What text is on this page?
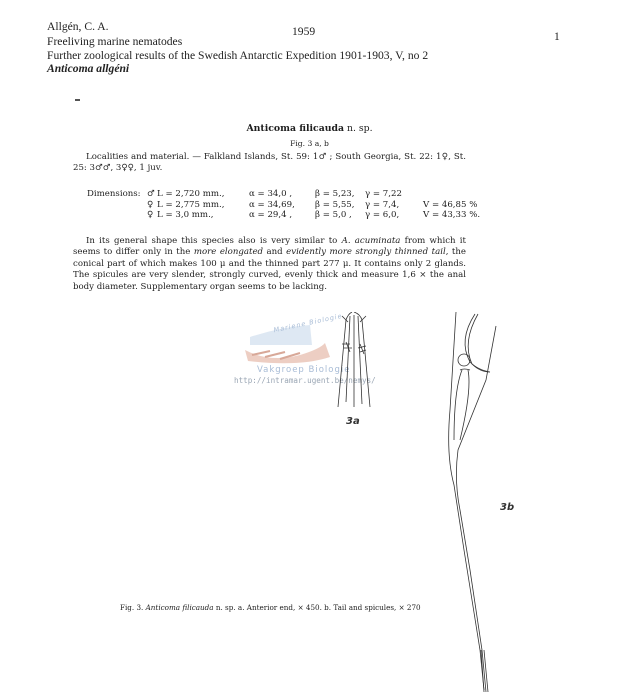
Allgén, C. A.	1959	1
Freeliving marine nematodes
Further zoological results of the Swedish Antarctic Expedition 1901-1903, V, no 2
Anticoma allgéni
Anticoma filicauda n. sp.
Fig. 3 a, b
Localities and material. — Falkland Islands, St. 59: 1♂ ; South Georgia, St. 22: 1♀, St. 25: 3♂♂, 3♀♀, 1 juv.
Dimensions:	♂	L = 2,720 mm.,	α = 34,0 ,	β = 5,23,	γ = 7,22	
	♀	L = 2,775 mm.,	α = 34,69,	β = 5,55,	γ = 7,4,	V = 46,85 %
	♀	L = 3,0 mm.,	α = 29,4 ,	β = 5,0 ,	γ = 6,0,	V = 43,33 %.
In its general shape this species also is very similar to A. acuminata from which it seems to differ only in the more elongated and evidently more strongly thinned tail, the conical part of which makes 100 μ and the thinned part 277 μ. It contains only 2 glands. The spicules are very slender, strongly curved, evenly thick and measure 1,6 × the anal body diameter. Supplementary organ seems to be lacking.
Mariene Biologie
Vakgroep Biologie
http://intramar.ugent.be/nemys/
3a
3b
Fig. 3. Anticoma filicauda n. sp. a. Anterior end, × 450. b. Tail and spicules, × 270
